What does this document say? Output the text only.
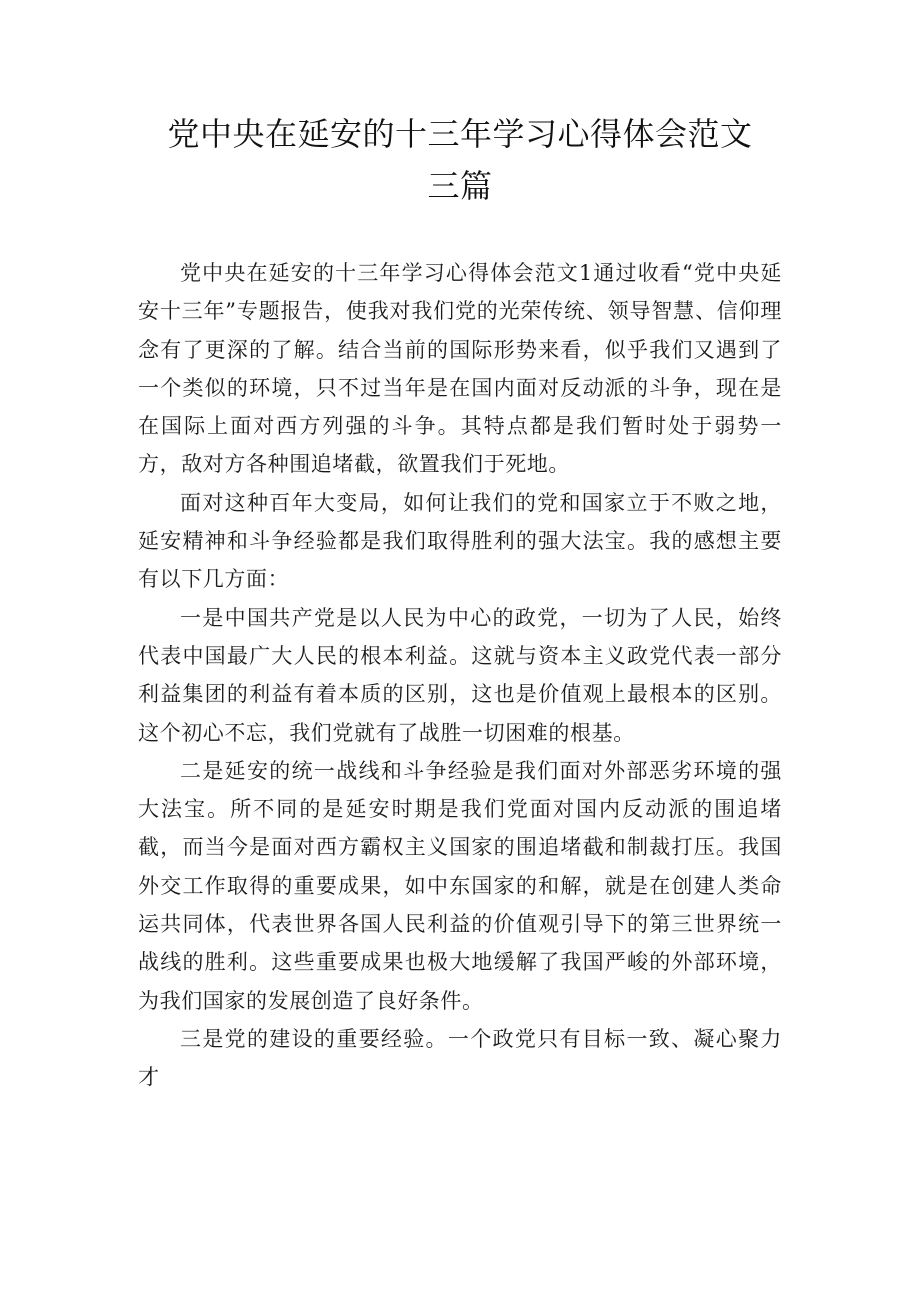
党中央在延安的十三年学习心得体会范文
三篇

党中央在延安的十三年学习心得体会范文1通过收看“党中央延安十三年”专题报告，使我对我们党的光荣传统、领导智慧、信仰理念有了更深的了解。结合当前的国际形势来看，似乎我们又遇到了一个类似的环境，只不过当年是在国内面对反动派的斗争，现在是在国际上面对西方列强的斗争。其特点都是我们暂时处于弱势一方，敌对方各种围追堵截，欲置我们于死地。

面对这种百年大变局，如何让我们的党和国家立于不败之地，延安精神和斗争经验都是我们取得胜利的强大法宝。我的感想主要有以下几方面：

一是中国共产党是以人民为中心的政党，一切为了人民，始终代表中国最广大人民的根本利益。这就与资本主义政党代表一部分利益集团的利益有着本质的区别，这也是价值观上最根本的区别。这个初心不忘，我们党就有了战胜一切困难的根基。

二是延安的统一战线和斗争经验是我们面对外部恶劣环境的强大法宝。所不同的是延安时期是我们党面对国内反动派的围追堵截，而当今是面对西方霸权主义国家的围追堵截和制裁打压。我国外交工作取得的重要成果，如中东国家的和解，就是在创建人类命运共同体，代表世界各国人民利益的价值观引导下的第三世界统一战线的胜利。这些重要成果也极大地缓解了我国严峻的外部环境，为我们国家的发展创造了良好条件。

三是党的建设的重要经验。一个政党只有目标一致、凝心聚力才
